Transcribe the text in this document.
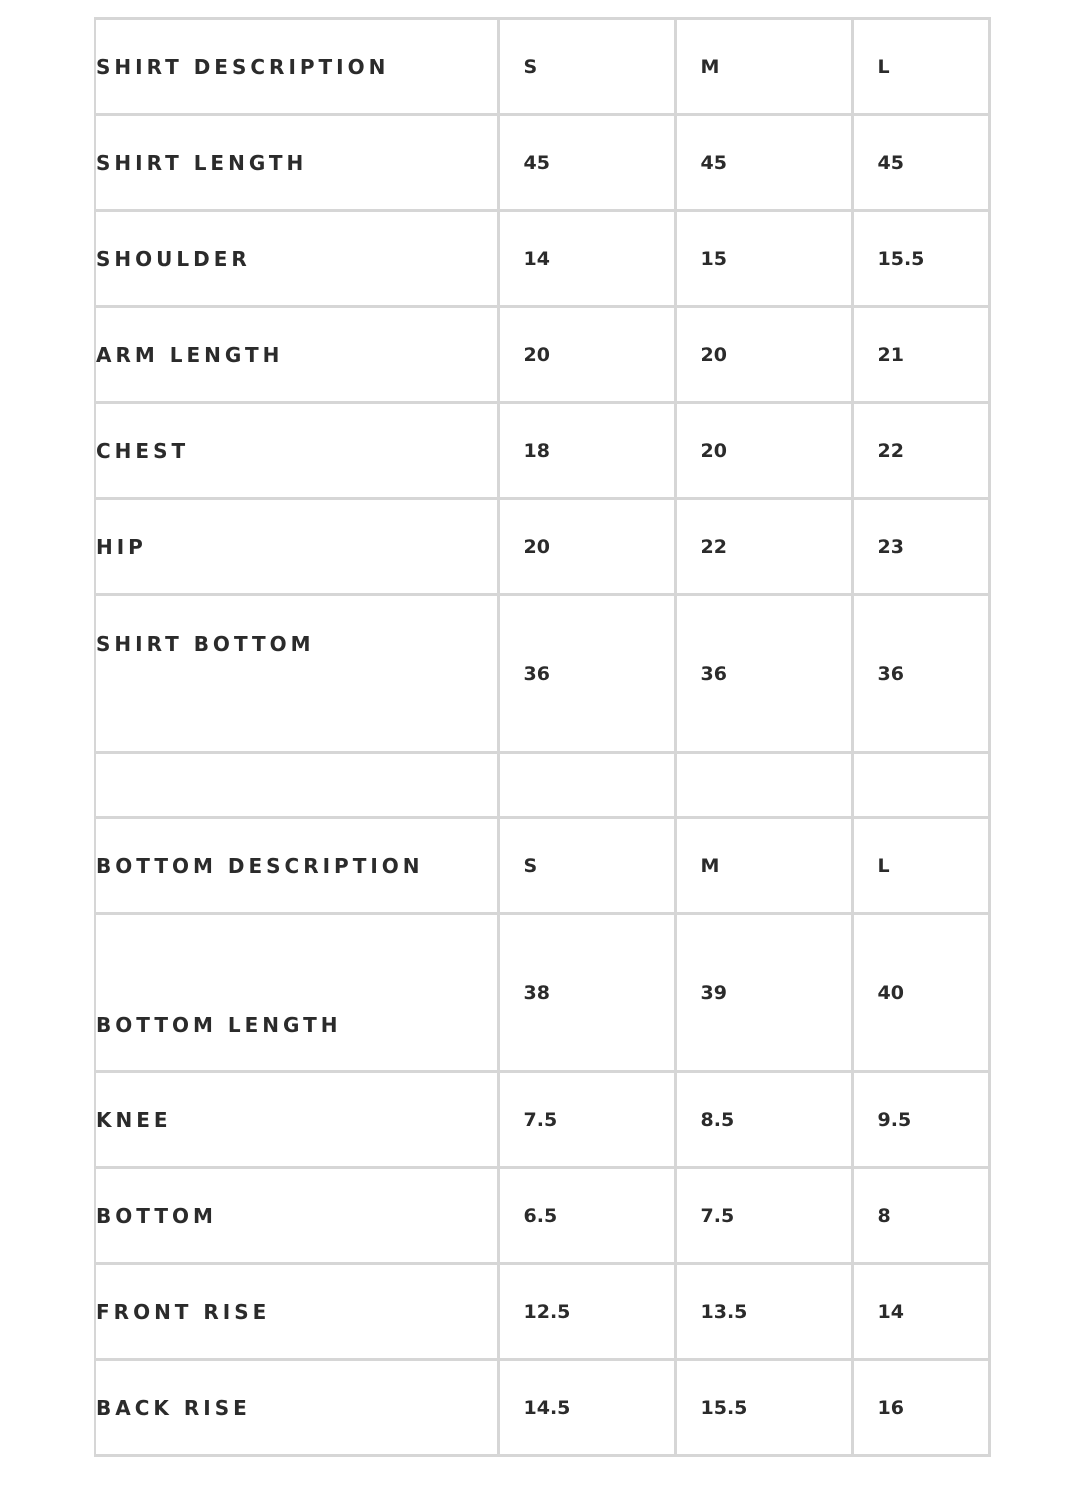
SHIRT DESCRIPTION	S	M	L

SHIRT LENGTH	45	45	45

SHOULDER	14	15	15.5

ARM LENGTH	20	20	21

CHEST	18	20	22

HIP	20	22	23

SHIRT BOTTOM	36	36	36

BOTTOM DESCRIPTION	S	M	L

BOTTOM LENGTH	38	39	40

KNEE	7.5	8.5	9.5

BOTTOM	6.5	7.5	8

FRONT RISE	12.5	13.5	14

BACK RISE	14.5	15.5	16
